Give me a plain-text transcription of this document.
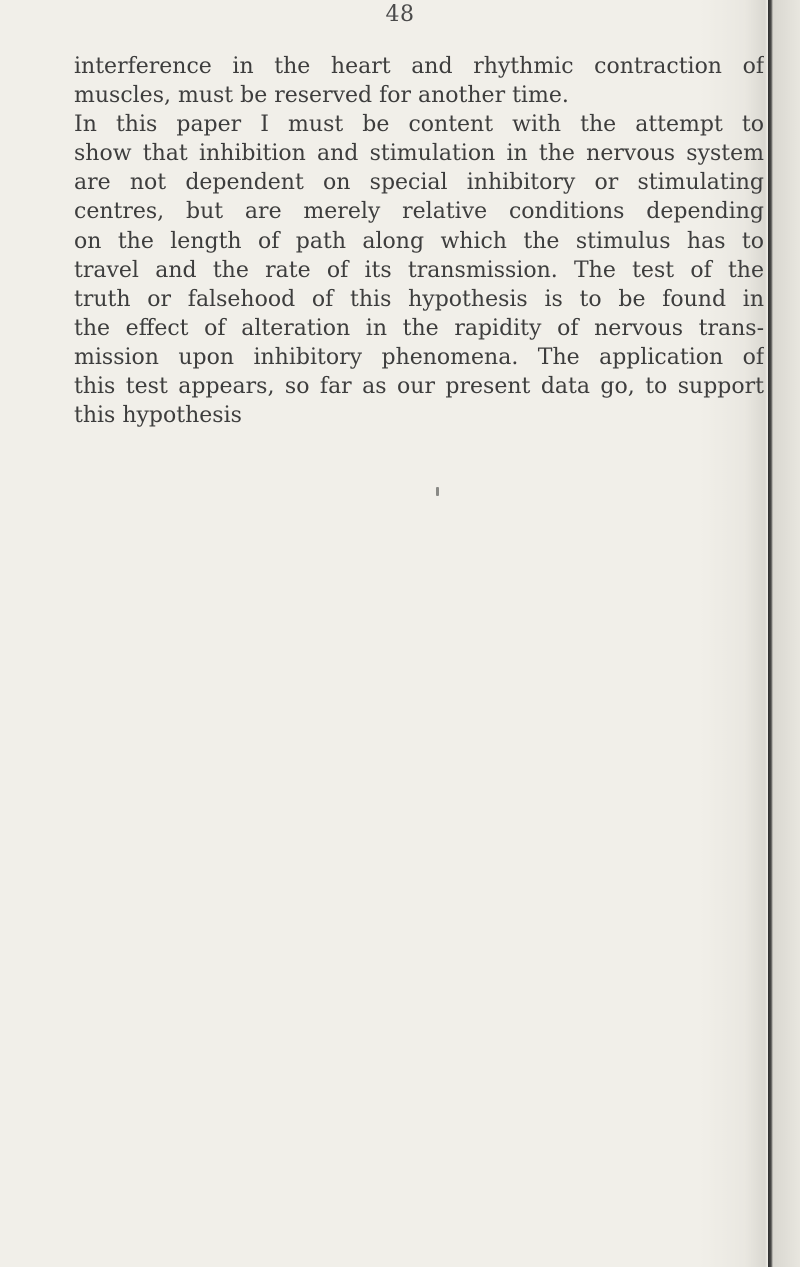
48
interference in the heart and rhythmic contraction of
muscles, must be reserved for another time.
In this paper I must be content with the attempt to
show that inhibition and stimulation in the nervous system
are not dependent on special inhibitory or stimulating
centres, but are merely relative conditions depending
on the length of path along which the stimulus has to
travel and the rate of its transmission. The test of the
truth or falsehood of this hypothesis is to be found in
the effect of alteration in the rapidity of nervous trans-
mission upon inhibitory phenomena. The application of
this test appears, so far as our present data go, to support
this hypothesis
